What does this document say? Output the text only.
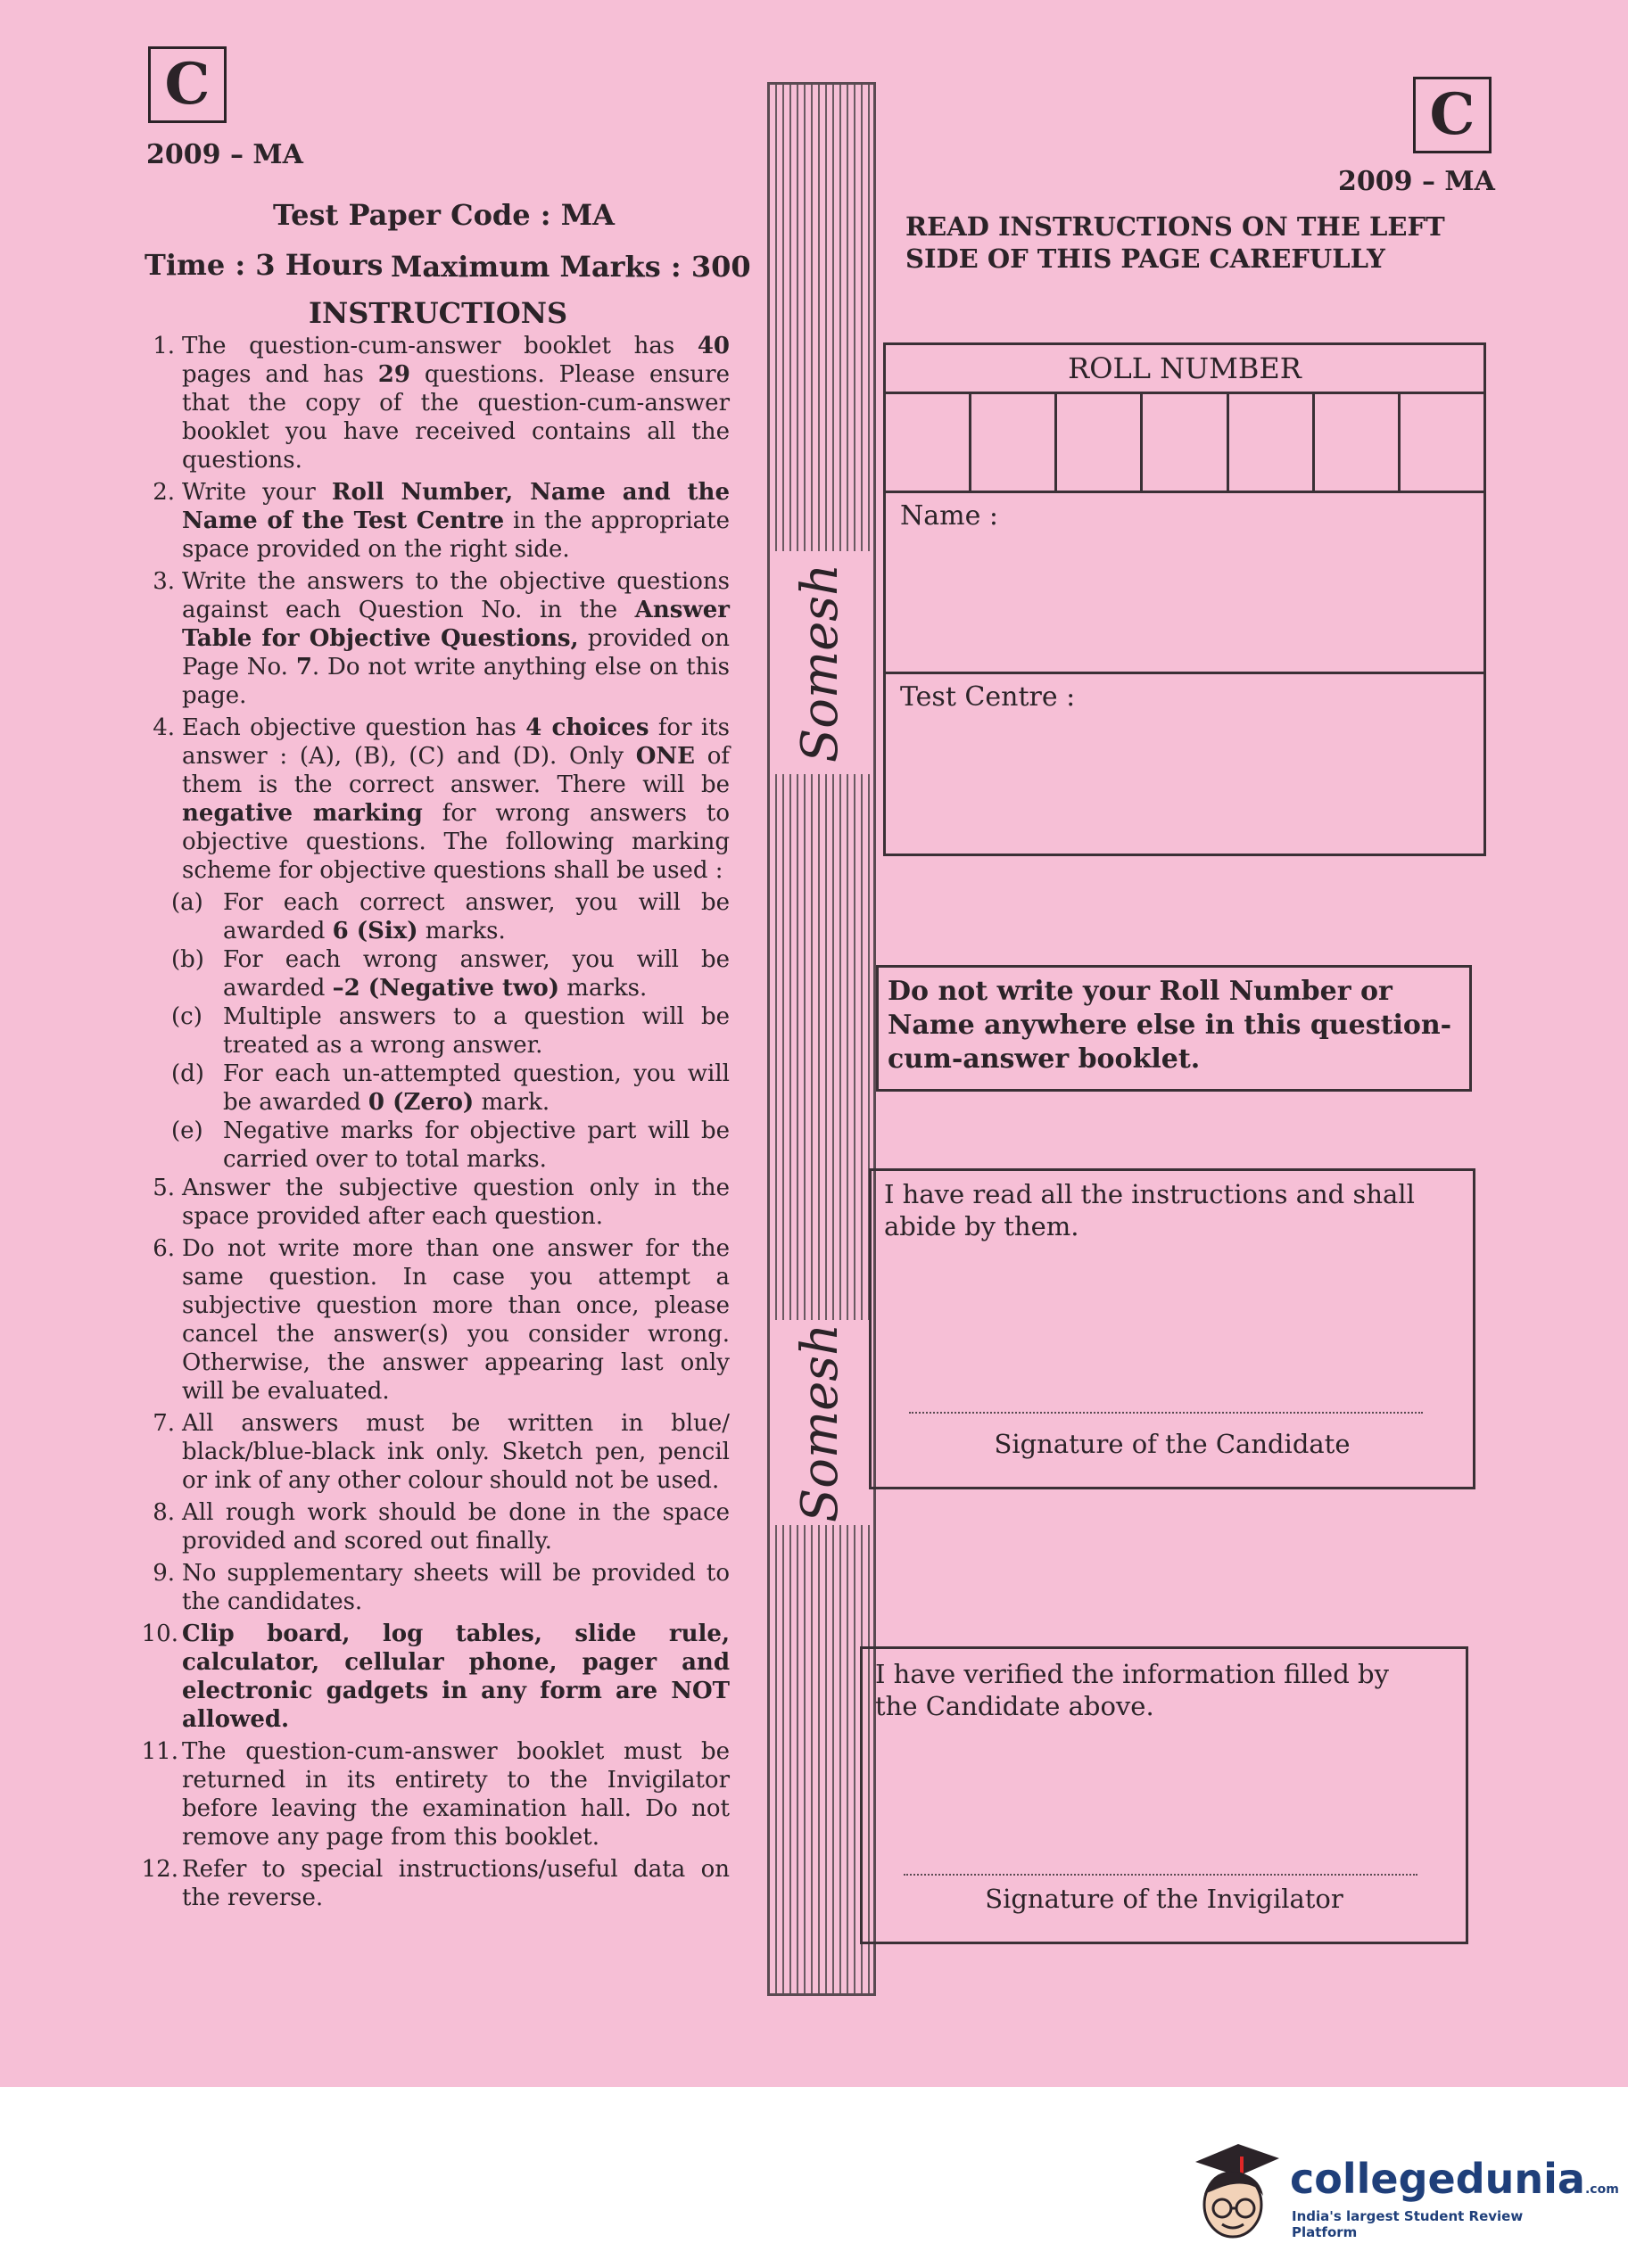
C
2009 – MA
Test Paper Code : MA
Time : 3 Hours Maximum Marks : 300
INSTRUCTIONS
1. The question-cum-answer booklet has 40 pages and has 29 questions. Please ensure that the copy of the question-cum-answer booklet you have received contains all the questions.
2. Write your Roll Number, Name and the Name of the Test Centre in the appropriate space provided on the right side.
3. Write the answers to the objective questions against each Question No. in the Answer Table for Objective Questions, provided on Page No. 7. Do not write anything else on this page.
4. Each objective question has 4 choices for its answer : (A), (B), (C) and (D). Only ONE of them is the correct answer. There will be negative marking for wrong answers to objective questions. The following marking scheme for objective questions shall be used :
(a) For each correct answer, you will be awarded 6 (Six) marks.
(b) For each wrong answer, you will be awarded –2 (Negative two) marks.
(c) Multiple answers to a question will be treated as a wrong answer.
(d) For each un-attempted question, you will be awarded 0 (Zero) mark.
(e) Negative marks for objective part will be carried over to total marks.
5. Answer the subjective question only in the space provided after each question.
6. Do not write more than one answer for the same question. In case you attempt a subjective question more than once, please cancel the answer(s) you consider wrong. Otherwise, the answer appearing last only will be evaluated.
7. All answers must be written in blue/ black/blue-black ink only. Sketch pen, pencil or ink of any other colour should not be used.
8. All rough work should be done in the space provided and scored out finally.
9. No supplementary sheets will be provided to the candidates.
10. Clip board, log tables, slide rule, calculator, cellular phone, pager and electronic gadgets in any form are NOT allowed.
11. The question-cum-answer booklet must be returned in its entirety to the Invigilator before leaving the examination hall. Do not remove any page from this booklet.
12. Refer to special instructions/useful data on the reverse.
Somesh
Somesh
C
2009 – MA
READ INSTRUCTIONS ON THE LEFT
SIDE OF THIS PAGE CAREFULLY
ROLL NUMBER
Name :
Test Centre :
Do not write your Roll Number or
Name anywhere else in this question-
cum-answer booklet.
I have read all the instructions and shall
abide by them.
Signature of the Candidate
I have verified the information filled by
the Candidate above.
Signature of the Invigilator
collegedunia.com
India's largest Student Review Platform
